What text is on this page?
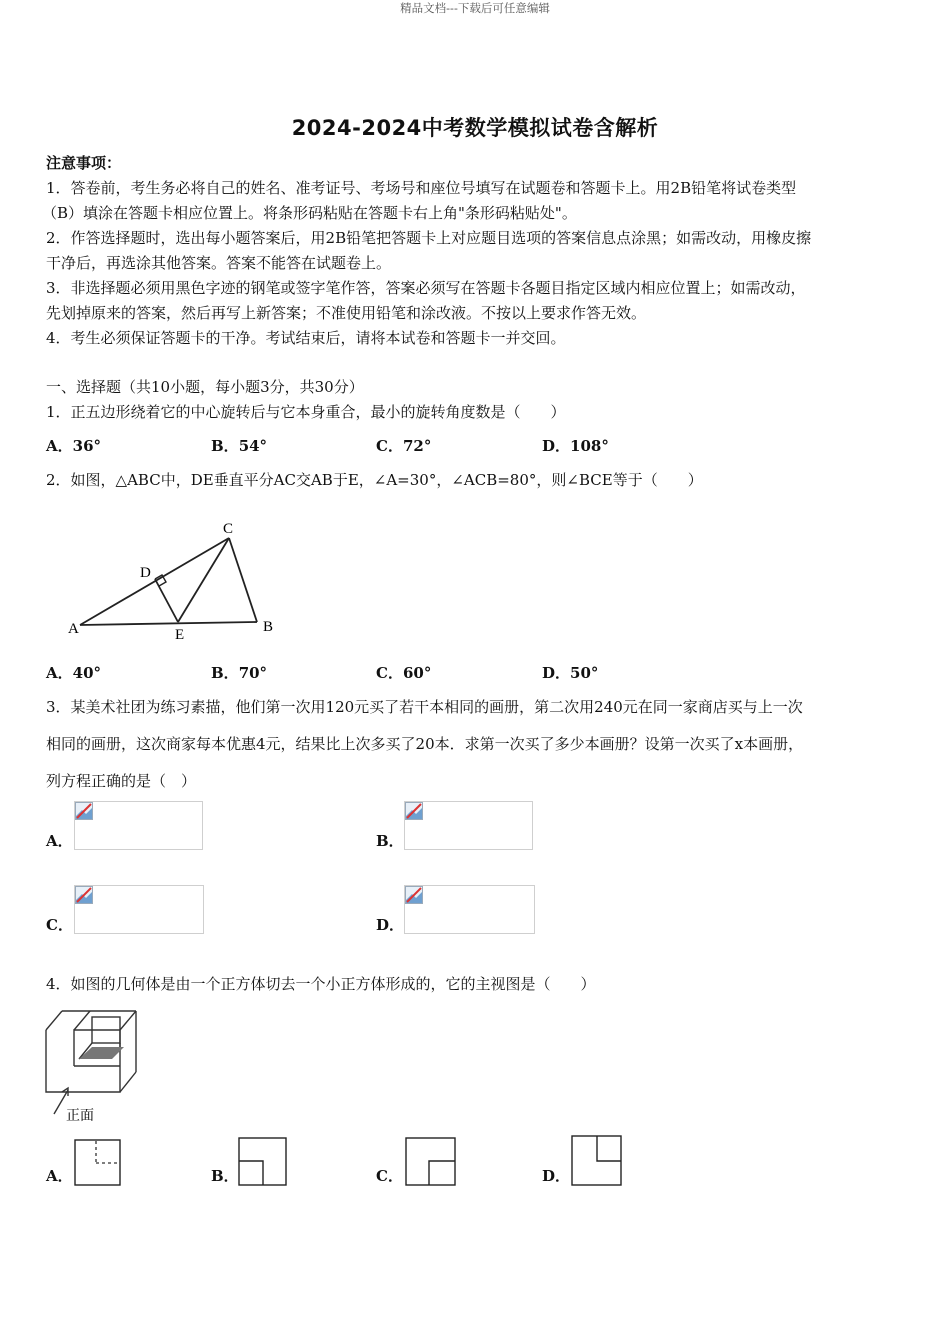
精品文档---下载后可任意编辑
2024-2024中考数学模拟试卷含解析
注意事项：
1．答卷前，考生务必将自己的姓名、准考证号、考场号和座位号填写在试题卷和答题卡上。用2B铅笔将试卷类型
（B）填涂在答题卡相应位置上。将条形码粘贴在答题卡右上角"条形码粘贴处"。
2．作答选择题时，选出每小题答案后，用2B铅笔把答题卡上对应题目选项的答案信息点涂黑；如需改动，用橡皮擦
干净后，再选涂其他答案。答案不能答在试题卷上。
3．非选择题必须用黑色字迹的钢笔或签字笔作答，答案必须写在答题卡各题目指定区域内相应位置上；如需改动，
先划掉原来的答案，然后再写上新答案；不准使用铅笔和涂改液。不按以上要求作答无效。
4．考生必须保证答题卡的干净。考试结束后，请将本试卷和答题卡一并交回。
一、选择题（共10小题，每小题3分，共30分）
1．正五边形绕着它的中心旋转后与它本身重合，最小的旋转角度数是（　　）
A．36°	B．54°	C．72°	D．108°
2．如图，△ABC中，DE垂直平分AC交AB于E，∠A=30°，∠ACB=80°，则∠BCE等于（　　）
A	B
C
D
E
A．40°	B．70°	C．60°	D．50°
3．某美术社团为练习素描，他们第一次用120元买了若干本相同的画册，第二次用240元在同一家商店买与上一次
相同的画册，这次商家每本优惠4元，结果比上次多买了20本．求第一次买了多少本画册？设第一次买了x本画册，
列方程正确的是（　）
A．	B．
C．	D．
4．如图的几何体是由一个正方体切去一个小正方体形成的，它的主视图是（　　）
正面
A．	B．	C．	D．
